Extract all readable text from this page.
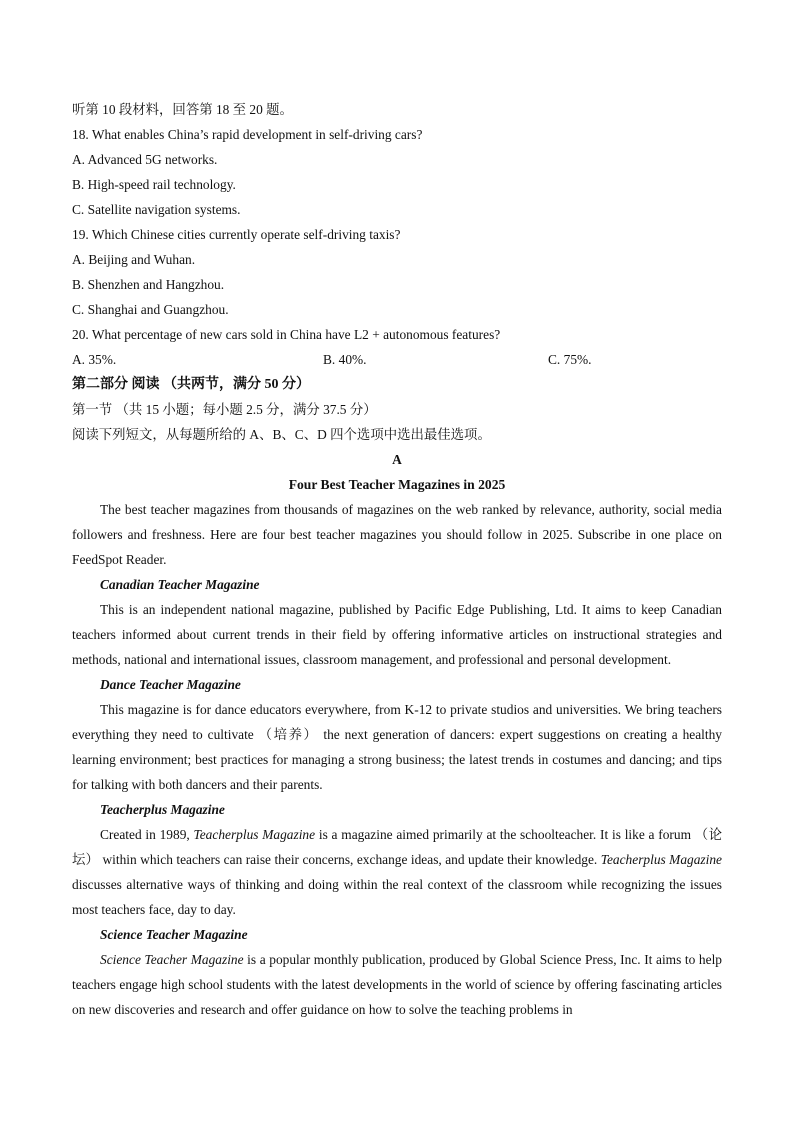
听第 10 段材料，回答第 18 至 20 题。
18. What enables China’s rapid development in self-driving cars?
A. Advanced 5G networks.
B. High-speed rail technology.
C. Satellite navigation systems.
19. Which Chinese cities currently operate self-driving taxis?
A. Beijing and Wuhan.
B. Shenzhen and Hangzhou.
C. Shanghai and Guangzhou.
20. What percentage of new cars sold in China have L2 + autonomous features?
A. 35%.	B. 40%.	C. 75%.
第二部分 阅读 （共两节，满分 50 分）
第一节 （共 15 小题；每小题 2.5 分，满分 37.5 分）
阅读下列短文，从每题所给的 A、B、C、D 四个选项中选出最佳选项。
A
Four Best Teacher Magazines in 2025
The best teacher magazines from thousands of magazines on the web ranked by relevance, authority, social media followers and freshness. Here are four best teacher magazines you should follow in 2025. Subscribe in one place on FeedSpot Reader.
Canadian Teacher Magazine
This is an independent national magazine, published by Pacific Edge Publishing, Ltd. It aims to keep Canadian teachers informed about current trends in their field by offering informative articles on instructional strategies and methods, national and international issues, classroom management, and professional and personal development.
Dance Teacher Magazine
This magazine is for dance educators everywhere, from K-12 to private studios and universities. We bring teachers everything they need to cultivate （培养） the next generation of dancers: expert suggestions on creating a healthy learning environment; best practices for managing a strong business; the latest trends in costumes and dancing; and tips for talking with both dancers and their parents.
Teacherplus Magazine
Created in 1989, Teacherplus Magazine is a magazine aimed primarily at the schoolteacher. It is like a forum （论坛） within which teachers can raise their concerns, exchange ideas, and update their knowledge. Teacherplus Magazine discusses alternative ways of thinking and doing within the real context of the classroom while recognizing the issues most teachers face, day to day.
Science Teacher Magazine
Science Teacher Magazine is a popular monthly publication, produced by Global Science Press, Inc. It aims to help teachers engage high school students with the latest developments in the world of science by offering fascinating articles on new discoveries and research and offer guidance on how to solve the teaching problems in
